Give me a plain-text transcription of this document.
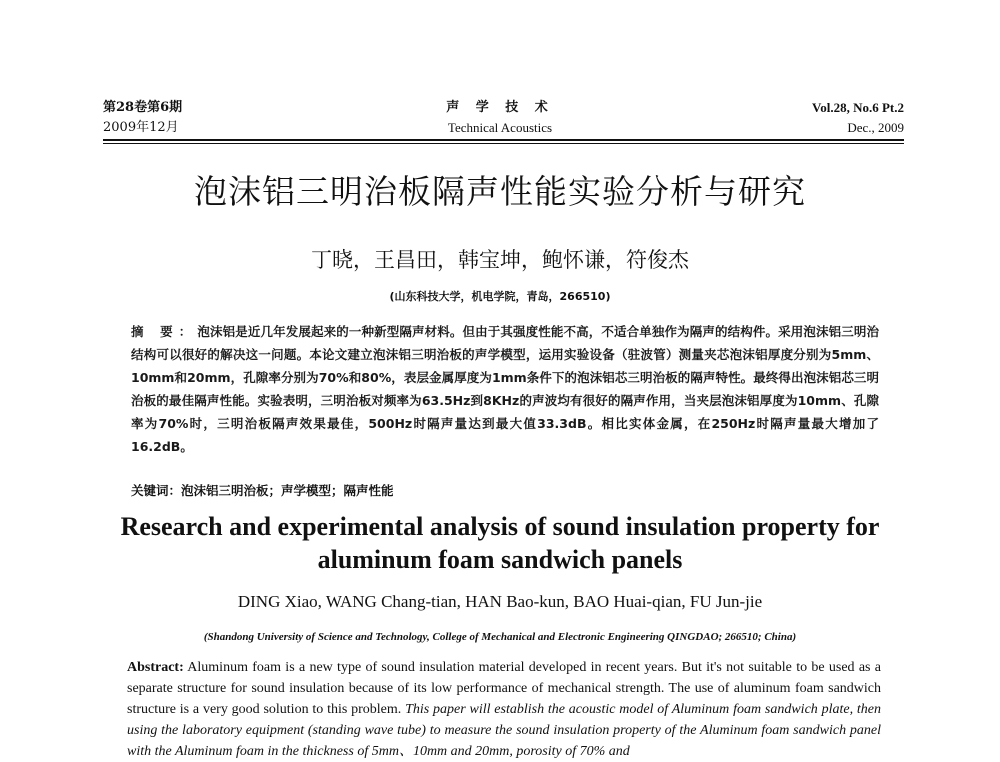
第28卷第6期
2009年12月
声 学 技 术
Technical Acoustics
Vol.28, No.6 Pt.2
Dec., 2009
泡沫铝三明治板隔声性能实验分析与研究
丁晓，王昌田，韩宝坤，鲍怀谦，符俊杰
(山东科技大学，机电学院，青岛，266510)
摘 要：泡沫铝是近几年发展起来的一种新型隔声材料。但由于其强度性能不高，不适合单独作为隔声的结构件。采用泡沫铝三明治结构可以很好的解决这一问题。本论文建立泡沫铝三明治板的声学模型，运用实验设备（驻波管）测量夹芯泡沫铝厚度分别为5mm、10mm和20mm，孔隙率分别为70%和80%，表层金属厚度为1mm条件下的泡沫铝芯三明治板的隔声特性。最终得出泡沫铝芯三明治板的最佳隔声性能。实验表明，三明治板对频率为63.5Hz到8KHz的声波均有很好的隔声作用，当夹层泡沫铝厚度为10mm、孔隙率为70%时，三明治板隔声效果最佳，500Hz时隔声量达到最大值33.3dB。相比实体金属，在250Hz时隔声量最大增加了16.2dB。
关键词：泡沫铝三明治板；声学模型；隔声性能
Research and experimental analysis of sound insulation property for aluminum foam sandwich panels
DING Xiao, WANG Chang-tian, HAN Bao-kun, BAO Huai-qian, FU Jun-jie
(Shandong University of Science and Technology, College of Mechanical and Electronic Engineering QINGDAO; 266510; China)
Abstract: Aluminum foam is a new type of sound insulation material developed in recent years. But it's not suitable to be used as a separate structure for sound insulation because of its low performance of mechanical strength. The use of aluminum foam sandwich structure is a very good solution to this problem. This paper will establish the acoustic model of Aluminum foam sandwich plate, then using the laboratory equipment (standing wave tube) to measure the sound insulation property of the Aluminum foam sandwich panel with the Aluminum foam in the thickness of 5mm、10mm and 20mm, porosity of 70% and
